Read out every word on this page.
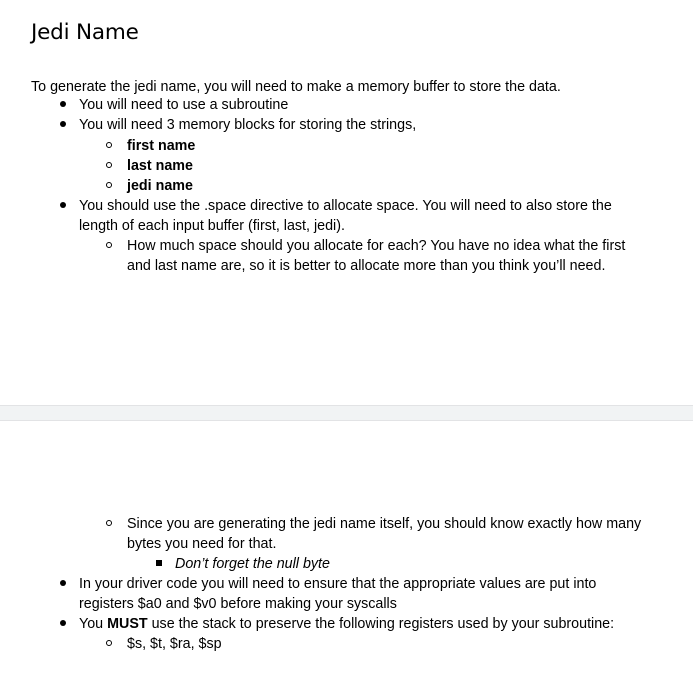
Jedi Name
To generate the jedi name, you will need to make a memory buffer to store the data.
You will need to use a subroutine
You will need 3 memory blocks for storing the strings,
first name
last name
jedi name
You should use the .space directive to allocate space. You will need to also store the
length of each input buffer (first, last, jedi).
How much space should you allocate for each? You have no idea what the first
and last name are, so it is better to allocate more than you think you’ll need.
Since you are generating the jedi name itself, you should know exactly how many
bytes you need for that.
Don’t forget the null byte
In your driver code you will need to ensure that the appropriate values are put into
registers $a0 and $v0 before making your syscalls
You MUST use the stack to preserve the following registers used by your subroutine:
$s, $t, $ra, $sp
